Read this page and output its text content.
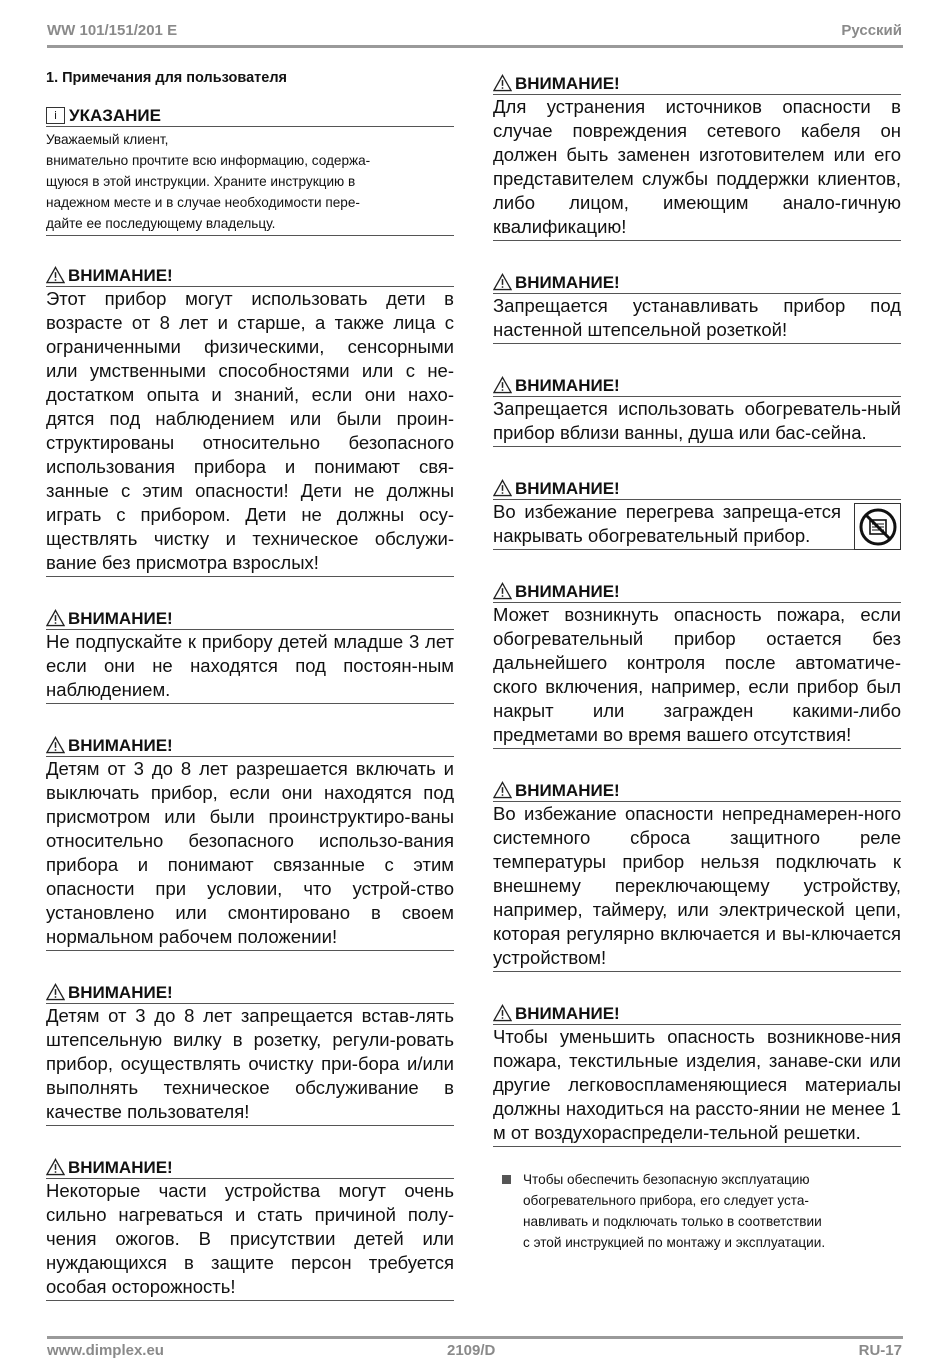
WW 101/151/201 E	Русский
1. Примечания для пользователя
i УКАЗАНИЕ
Уважаемый клиент,
внимательно прочтите всю информацию, содержа-
щуюся в этой инструкции. Храните инструкцию в
надежном месте и в случае необходимости пере-
дайте ее последующему владельцу.
ВНИМАНИЕ!
Этот прибор могут использовать дети в возрасте от 8 лет и старше, а также лица с ограниченными физическими, сенсорными или умственными способностями или с не-достатком опыта и знаний, если они нахо-дятся под наблюдением или были проин-структированы относительно безопасного использования прибора и понимают свя-занные с этим опасности! Дети не должны играть с прибором. Дети не должны осу-ществлять чистку и техническое обслужи-вание без присмотра взрослых!
ВНИМАНИЕ!
Не подпускайте к прибору детей младше 3 лет если они не находятся под постоян-ным наблюдением.
ВНИМАНИЕ!
Детям от 3 до 8 лет разрешается включать и выключать прибор, если они находятся под присмотром или были проинструктиро-ваны относительно безопасного использо-вания прибора и понимают связанные с этим опасности при условии, что устрой-ство установлено или смонтировано в своем нормальном рабочем положении!
ВНИМАНИЕ!
Детям от 3 до 8 лет запрещается встав-лять штепсельную вилку в розетку, регули-ровать прибор, осуществлять очистку при-бора и/или выполнять техническое обслуживание в качестве пользователя!
ВНИМАНИЕ!
Некоторые части устройства могут очень сильно нагреваться и стать причиной полу-чения ожогов. В присутствии детей или нуждающихся в защите персон требуется особая осторожность!
ВНИМАНИЕ!
Для устранения источников опасности в случае повреждения сетевого кабеля он должен быть заменен изготовителем или его представителем службы поддержки клиентов, либо лицом, имеющим анало-гичную квалификацию!
ВНИМАНИЕ!
Запрещается устанавливать прибор под настенной штепсельной розеткой!
ВНИМАНИЕ!
Запрещается использовать обогреватель-ный прибор вблизи ванны, душа или бас-сейна.
ВНИМАНИЕ!
Во избежание перегрева запреща-ется накрывать обогревательный прибор.
ВНИМАНИЕ!
Может возникнуть опасность пожара, если обогревательный прибор остается без дальнейшего контроля после автоматиче-ского включения, например, если прибор был накрыт или загражден какими-либо предметами во время вашего отсутствия!
ВНИМАНИЕ!
Во избежание опасности непреднамерен-ного системного сброса защитного реле температуры прибор нельзя подключать к внешнему переключающему устройству, например, таймеру, или электрической цепи, которая регулярно включается и вы-ключается устройством!
ВНИМАНИЕ!
Чтобы уменьшить опасность возникнове-ния пожара, текстильные изделия, занаве-ски или другие легковоспламеняющиеся материалы должны находиться на рассто-янии не менее 1 м от воздухораспредели-тельной решетки.
Чтобы обеспечить безопасную эксплуатацию
обогревательного прибора, его следует уста-
навливать и подключать только в соответствии
с этой инструкцией по монтажу и эксплуатации.
www.dimplex.eu	2109/D	RU-17
